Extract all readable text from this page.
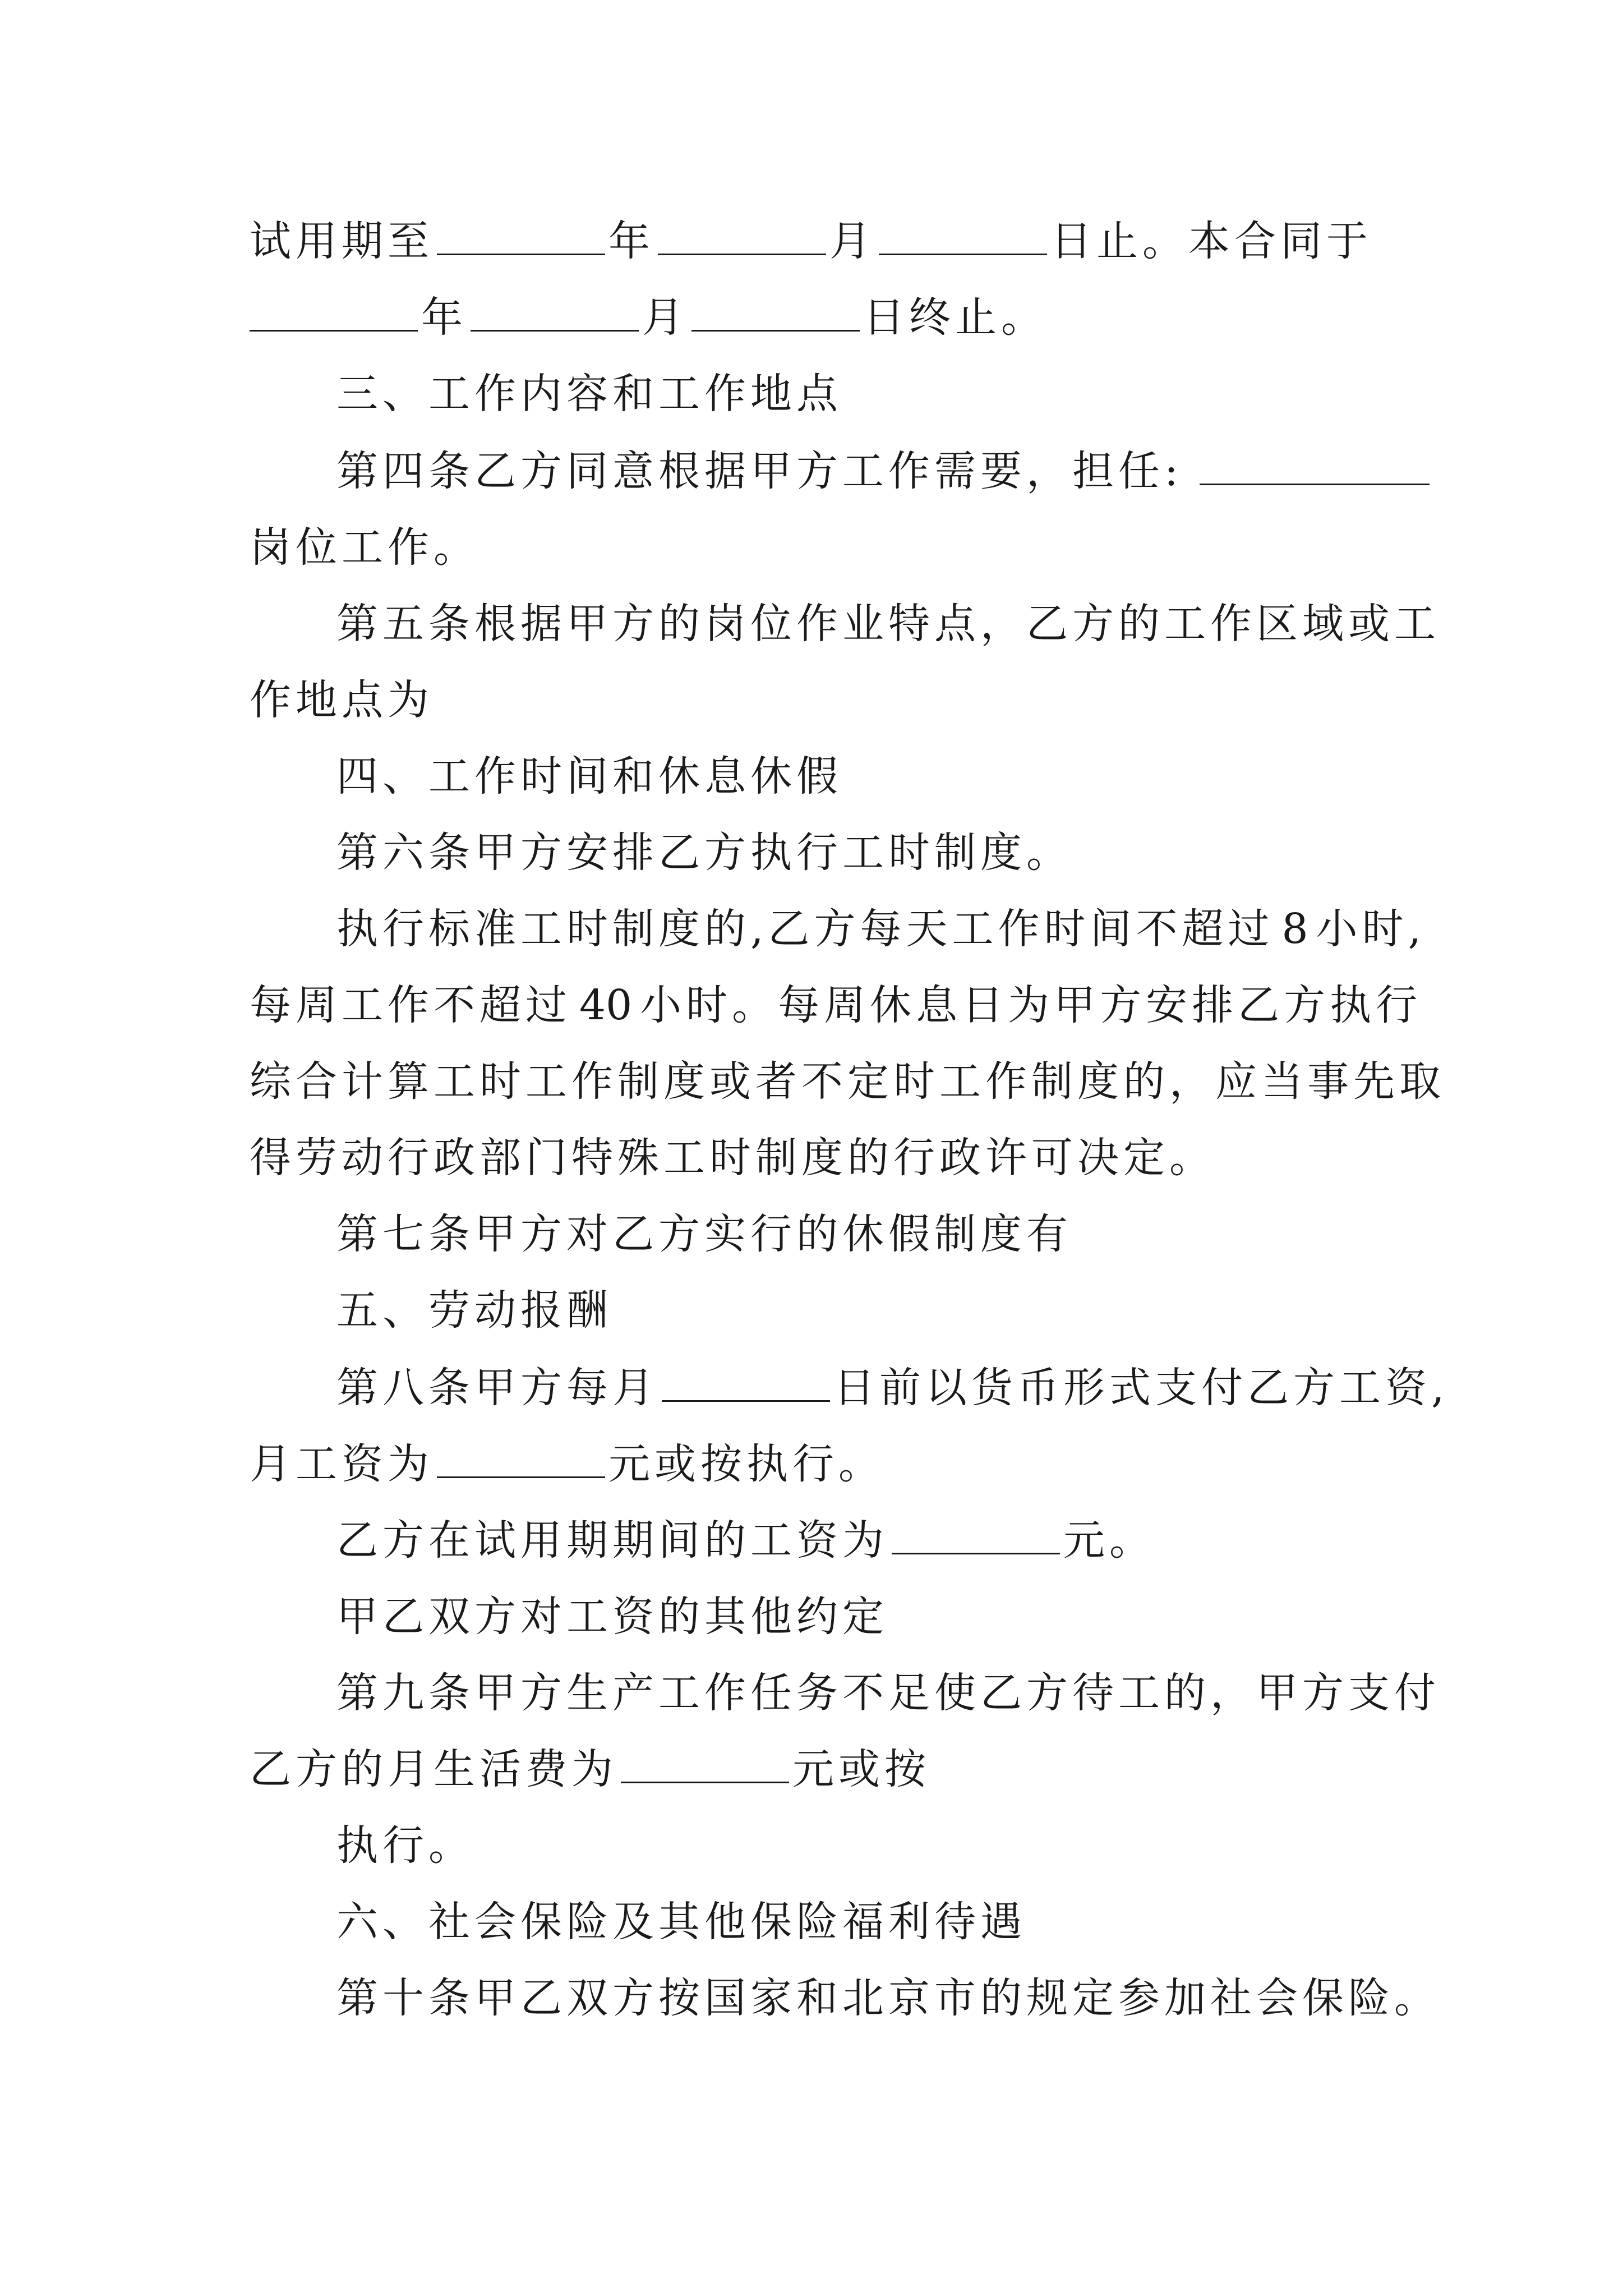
试用期至	年	月	日止。本合同于
年	月	日终止。
三、工作内容和工作地点
第四条乙方同意根据甲方工作需要，担任:
岗位工作。
第五条根据甲方的岗位作业特点，乙方的工作区域或工
作地点为
四、工作时间和休息休假
第六条甲方安排乙方执行工时制度。
执行标准工时制度的,乙方每天工作时间不超过 8 小时,
每周工作不超过 40 小时。每周休息日为甲方安排乙方执行
综合计算工时工作制度或者不定时工作制度的，应当事先取
得劳动行政部门特殊工时制度的行政许可决定。
第七条甲方对乙方实行的休假制度有
五、劳动报酬
第八条甲方每月	日前以货币形式支付乙方工资,
月工资为	元或按执行。
乙方在试用期期间的工资为	元。
甲乙双方对工资的其他约定
第九条甲方生产工作任务不足使乙方待工的，甲方支付
乙方的月生活费为	元或按
执行。
六、社会保险及其他保险福利待遇
第十条甲乙双方按国家和北京市的规定参加社会保险。
